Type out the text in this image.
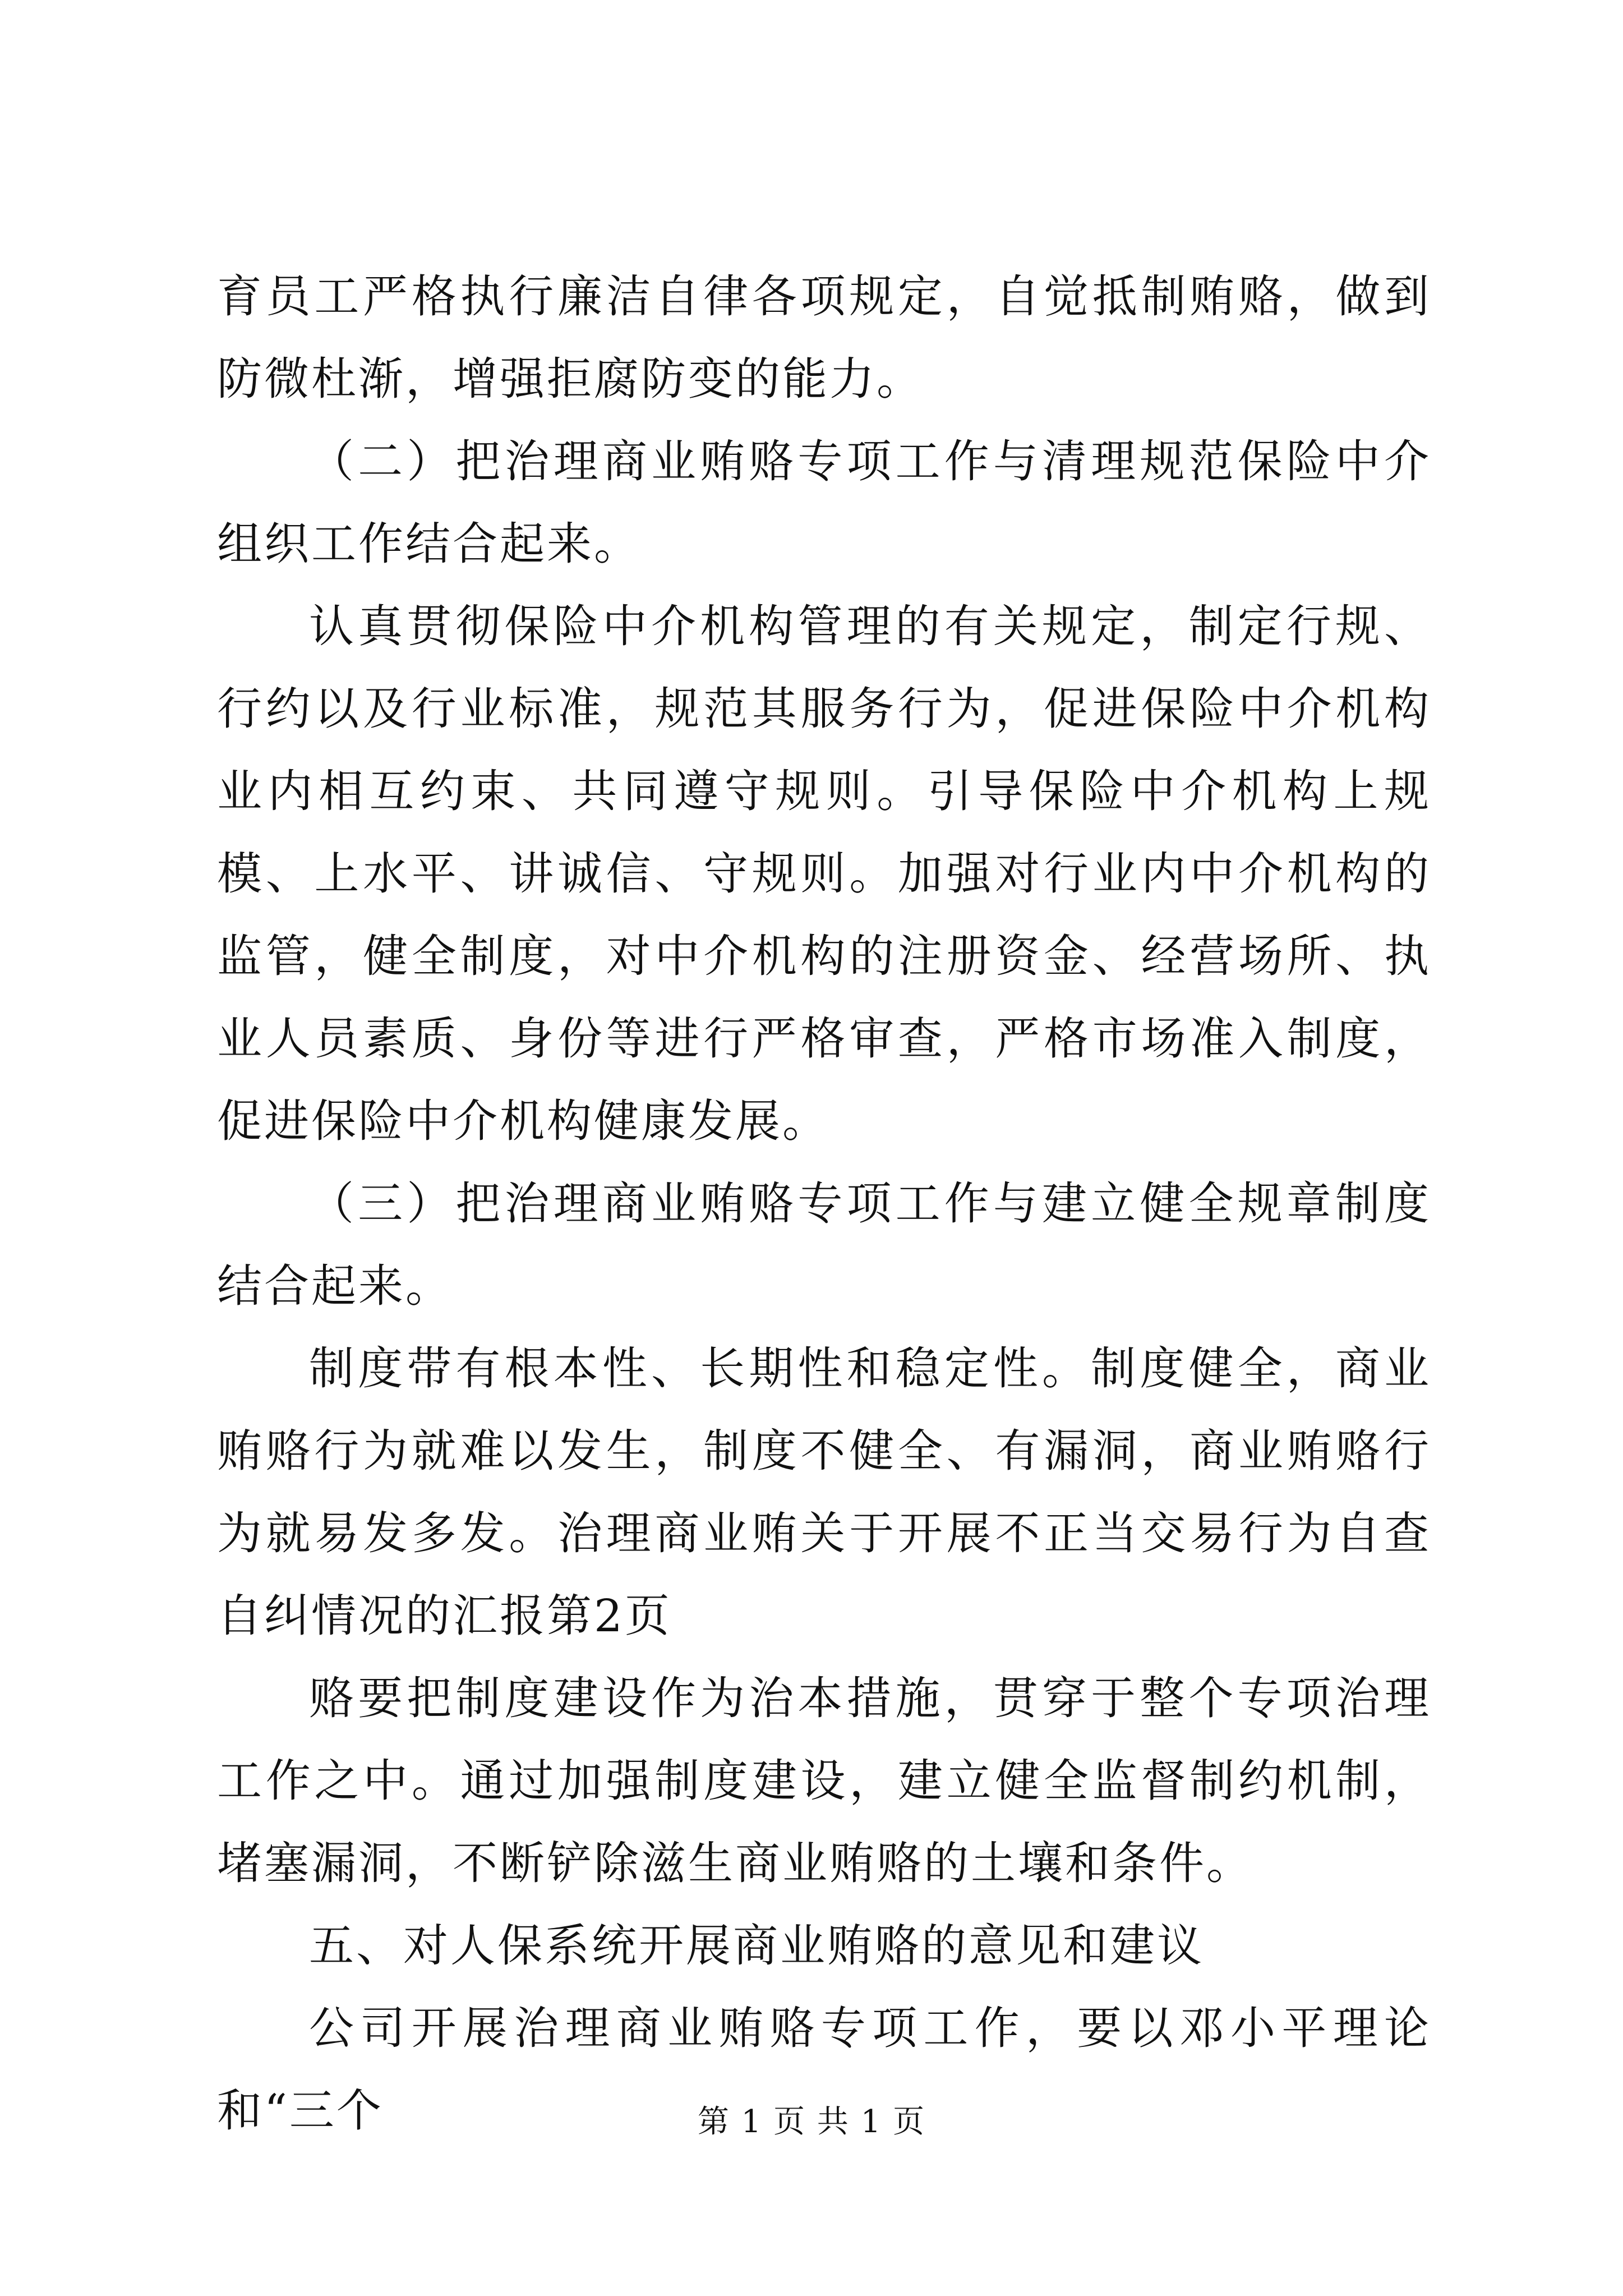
育员工严格执行廉洁自律各项规定，自觉抵制贿赂，做到防微杜渐，增强拒腐防变的能力。

（二）把治理商业贿赂专项工作与清理规范保险中介组织工作结合起来。

认真贯彻保险中介机构管理的有关规定，制定行规、行约以及行业标准，规范其服务行为，促进保险中介机构业内相互约束、共同遵守规则。引导保险中介机构上规模、上水平、讲诚信、守规则。加强对行业内中介机构的监管，健全制度，对中介机构的注册资金、经营场所、执业人员素质、身份等进行严格审查，严格市场准入制度，促进保险中介机构健康发展。

（三）把治理商业贿赂专项工作与建立健全规章制度结合起来。

制度带有根本性、长期性和稳定性。制度健全，商业贿赂行为就难以发生，制度不健全、有漏洞，商业贿赂行为就易发多发。治理商业贿关于开展不正当交易行为自查自纠情况的汇报第2页

赂要把制度建设作为治本措施，贯穿于整个专项治理工作之中。通过加强制度建设，建立健全监督制约机制，堵塞漏洞，不断铲除滋生商业贿赂的土壤和条件。

五、对人保系统开展商业贿赂的意见和建议

公司开展治理商业贿赂专项工作，要以邓小平理论和“三个	第 1 页 共 1 页
